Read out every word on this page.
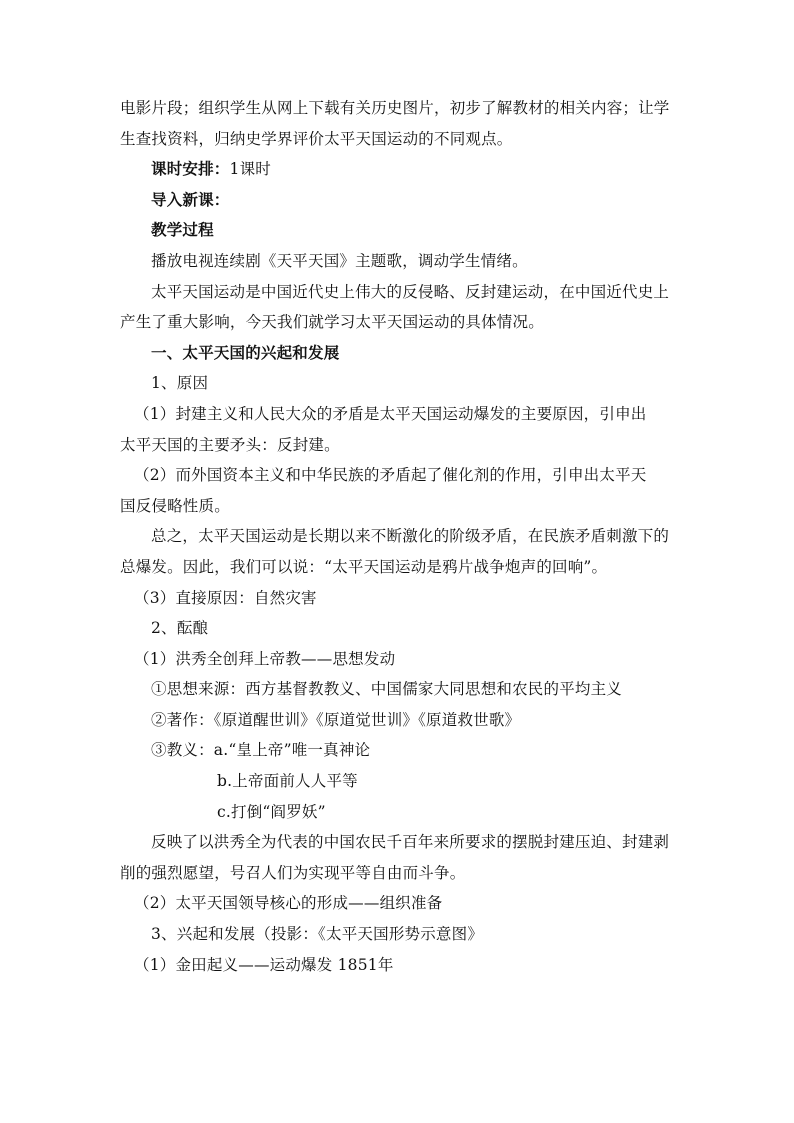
电影片段；组织学生从网上下载有关历史图片，初步了解教材的相关内容；让学
生查找资料，归纳史学界评价太平天国运动的不同观点。
课时安排：1课时
导入新课：
教学过程
播放电视连续剧《天平天国》主题歌，调动学生情绪。
太平天国运动是中国近代史上伟大的反侵略、反封建运动，在中国近代史上
产生了重大影响，今天我们就学习太平天国运动的具体情况。
一、太平天国的兴起和发展
1、原因
（1）封建主义和人民大众的矛盾是太平天国运动爆发的主要原因，引申出
太平天国的主要矛头：反封建。
（2）而外国资本主义和中华民族的矛盾起了催化剂的作用，引申出太平天
国反侵略性质。
总之，太平天国运动是长期以来不断激化的阶级矛盾，在民族矛盾刺激下的
总爆发。因此，我们可以说：“太平天国运动是鸦片战争炮声的回响”。
（3）直接原因：自然灾害
2、酝酿
（1）洪秀全创拜上帝教——思想发动
①思想来源：西方基督教教义、中国儒家大同思想和农民的平均主义
②著作：《原道醒世训》《原道觉世训》《原道救世歌》
③教义：a.“皇上帝”唯一真神论
b.上帝面前人人平等
c.打倒“阎罗妖”
反映了以洪秀全为代表的中国农民千百年来所要求的摆脱封建压迫、封建剥
削的强烈愿望，号召人们为实现平等自由而斗争。
（2）太平天国领导核心的形成——组织准备
3、兴起和发展（投影：《太平天国形势示意图》
（1）金田起义——运动爆发 1851年
